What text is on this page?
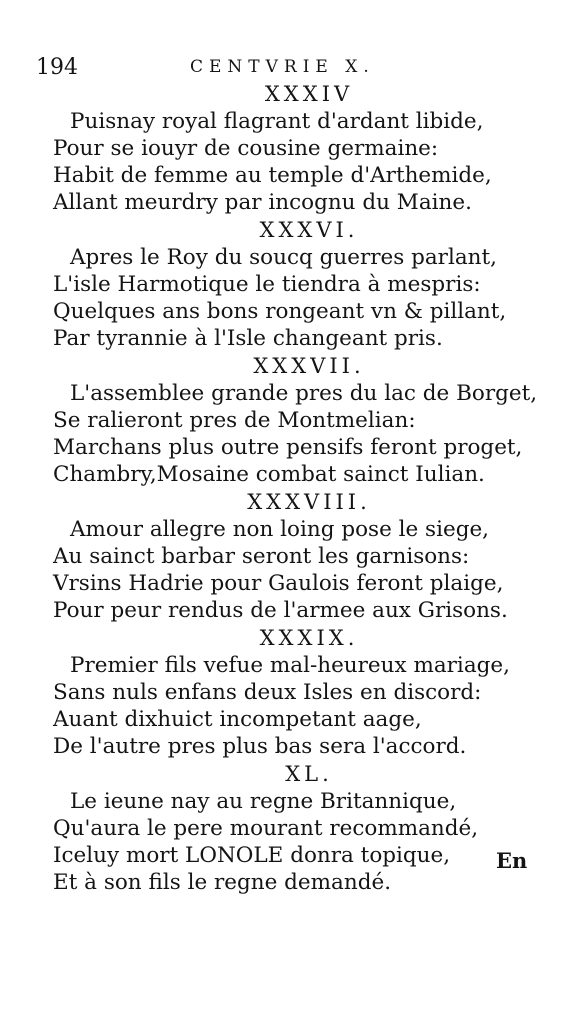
194	CENTVRIE X.
XXXIV
Puisnay royal flagrant d'ardant libide,
Pour se iouyr de cousine germaine:
Habit de femme au temple d'Arthemide,
Allant meurdry par incognu du Maine.
XXXVI.
Apres le Roy du soucq guerres parlant,
L'isle Harmotique le tiendra à mespris:
Quelques ans bons rongeant vn & pillant,
Par tyrannie à l'Isle changeant pris.
XXXVII.
L'assemblee grande pres du lac de Borget,
Se ralieront pres de Montmelian:
Marchans plus outre pensifs feront proget,
Chambry,Mosaine combat sainct Iulian.
XXXVIII.
Amour allegre non loing pose le siege,
Au sainct barbar seront les garnisons:
Vrsins Hadrie pour Gaulois feront plaige,
Pour peur rendus de l'armee aux Grisons.
XXXIX.
Premier fils vefue mal-heureux mariage,
Sans nuls enfans deux Isles en discord:
Auant dixhuict incompetant aage,
De l'autre pres plus bas sera l'accord.
XL.
Le ieune nay au regne Britannique,
Qu'aura le pere mourant recommandé,
Iceluy mort LONOLE donra topique,
Et à son fils le regne demandé.
En
